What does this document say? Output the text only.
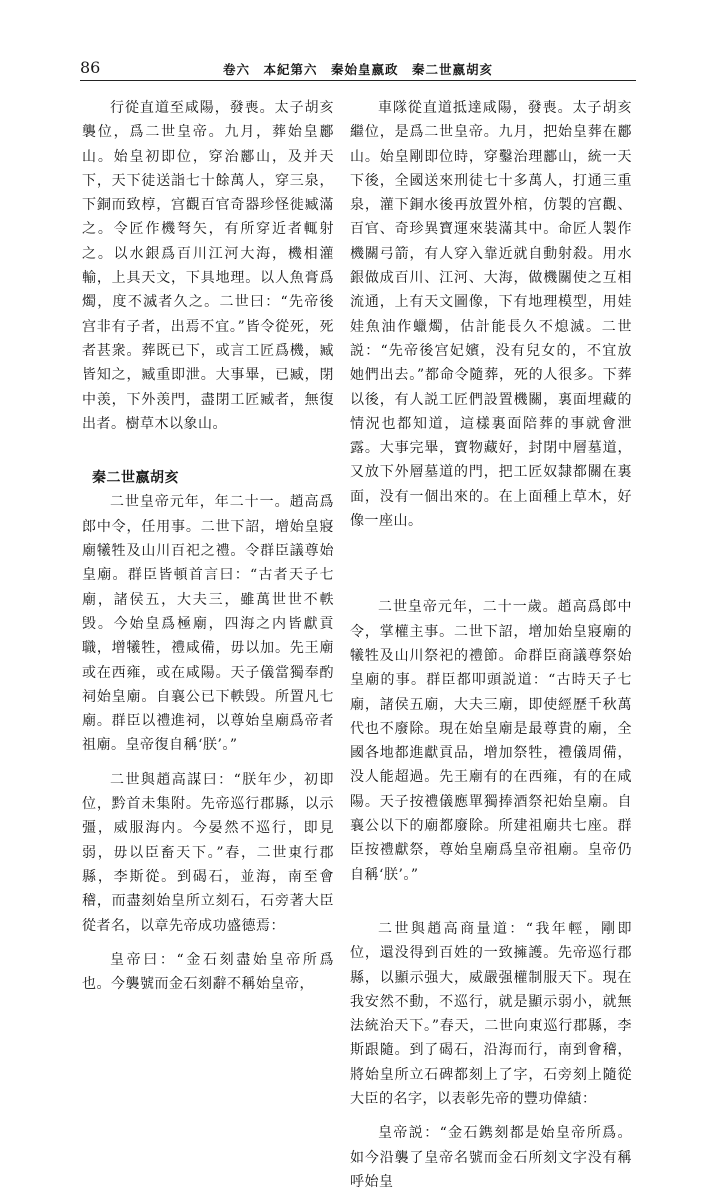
86	卷六　本紀第六　秦始皇嬴政　秦二世嬴胡亥

行從直道至咸陽，發喪。太子胡亥襲位，爲二世皇帝。九月，葬始皇酈山。始皇初即位，穿治酈山，及并天下，天下徒送詣七十餘萬人，穿三泉，下銅而致椁，宫觀百官奇器珍怪徙臧滿之。令匠作機弩矢，有所穿近者輒射之。以水銀爲百川江河大海，機相灌輸，上具天文，下具地理。以人魚膏爲燭，度不滅者久之。二世曰：“先帝後宫非有子者，出焉不宜。”皆令從死，死者甚衆。葬既已下，或言工匠爲機，臧皆知之，臧重即泄。大事畢，已臧，閉中羡，下外羡門，盡閉工匠臧者，無復出者。樹草木以象山。

秦二世嬴胡亥

二世皇帝元年，年二十一。趙高爲郎中令，任用事。二世下詔，增始皇寢廟犧牲及山川百祀之禮。令群臣議尊始皇廟。群臣皆頓首言曰：“古者天子七廟，諸侯五，大夫三，雖萬世世不軼毁。今始皇爲極廟，四海之内皆獻貢職，增犧牲，禮咸備，毋以加。先王廟或在西雍，或在咸陽。天子儀當獨奉酌祠始皇廟。自襄公已下軼毁。所置凡七廟。群臣以禮進祠，以尊始皇廟爲帝者祖廟。皇帝復自稱‘朕’。”

二世與趙高謀曰：“朕年少，初即位，黔首未集附。先帝巡行郡縣，以示彊，威服海内。今晏然不巡行，即見弱，毋以臣畜天下。”春，二世東行郡縣，李斯從。到碣石，並海，南至會稽，而盡刻始皇所立刻石，石旁著大臣從者名，以章先帝成功盛德焉：

皇帝曰：“金石刻盡始皇帝所爲也。今襲號而金石刻辭不稱始皇帝，

車隊從直道抵達咸陽，發喪。太子胡亥繼位，是爲二世皇帝。九月，把始皇葬在酈山。始皇剛即位時，穿鑿治理酈山，統一天下後，全國送來刑徒七十多萬人，打通三重泉，灌下銅水後再放置外棺，仿製的宫觀、百官、奇珍異寶運來裝滿其中。命匠人製作機關弓箭，有人穿入靠近就自動射殺。用水銀做成百川、江河、大海，做機關使之互相流通，上有天文圖像，下有地理模型，用娃娃魚油作蠟燭，估計能長久不熄滅。二世説：“先帝後宫妃嬪，没有兒女的，不宜放她們出去。”都命令隨葬，死的人很多。下葬以後，有人説工匠們設置機關，裏面埋藏的情況也都知道，這樣裏面陪葬的事就會泄露。大事完畢，寶物藏好，封閉中層墓道，又放下外層墓道的門，把工匠奴隸都關在裏面，没有一個出來的。在上面種上草木，好像一座山。

二世皇帝元年，二十一歲。趙高爲郎中令，掌權主事。二世下詔，增加始皇寢廟的犧牲及山川祭祀的禮節。命群臣商議尊祭始皇廟的事。群臣都叩頭説道：“古時天子七廟，諸侯五廟，大夫三廟，即使經歷千秋萬代也不廢除。現在始皇廟是最尊貴的廟，全國各地都進獻貢品，增加祭牲，禮儀周備，没人能超過。先王廟有的在西雍，有的在咸陽。天子按禮儀應單獨捧酒祭祀始皇廟。自襄公以下的廟都廢除。所建祖廟共七座。群臣按禮獻祭，尊始皇廟爲皇帝祖廟。皇帝仍自稱‘朕’。”

二世與趙高商量道：“我年輕，剛即位，還没得到百姓的一致擁護。先帝巡行郡縣，以顯示强大，威嚴强權制服天下。現在我安然不動，不巡行，就是顯示弱小，就無法統治天下。”春天，二世向東巡行郡縣，李斯跟隨。到了碣石，沿海而行，南到會稽，將始皇所立石碑都刻上了字，石旁刻上隨從大臣的名字，以表彰先帝的豐功偉績：

皇帝説：“金石鎸刻都是始皇帝所爲。如今沿襲了皇帝名號而金石所刻文字没有稱呼始皇
